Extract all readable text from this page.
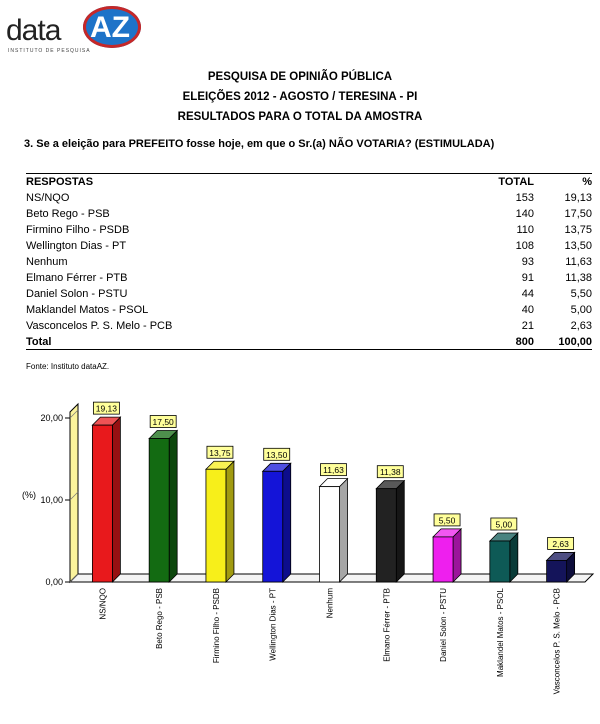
data AZ
INSTITUTO DE PESQUISA
PESQUISA DE OPINIÃO PÚBLICA
ELEIÇÕES 2012 - AGOSTO / TERESINA - PI
RESULTADOS PARA O TOTAL DA AMOSTRA
3. Se a eleição para PREFEITO fosse hoje, em que o Sr.(a) NÃO VOTARIA? (ESTIMULADA)
RESPOSTAS	TOTAL	%
NS/NQO	153	19,13
Beto Rego - PSB	140	17,50
Firmino Filho - PSDB	110	13,75
Wellington Dias - PT	108	13,50
Nenhum	93	11,63
Elmano Férrer - PTB	91	11,38
Daniel Solon - PSTU	44	5,50
Maklandel Matos - PSOL	40	5,00
Vasconcelos P. S. Melo - PCB	21	2,63
Total	800	100,00
Fonte: Instituto dataAZ.
0,00
10,00
20,00
(%)
19,13
NS/NQO
17,50
Beto Rego - PSB
13,75
Firmino Filho - PSDB
13,50
Wellington Dias - PT
11,63
Nenhum
11,38
Elmano Férrer - PTB
5,50
Daniel Solon - PSTU
5,00
Maklandel Matos - PSOL
2,63
Vasconcelos P. S. Melo - PCB
